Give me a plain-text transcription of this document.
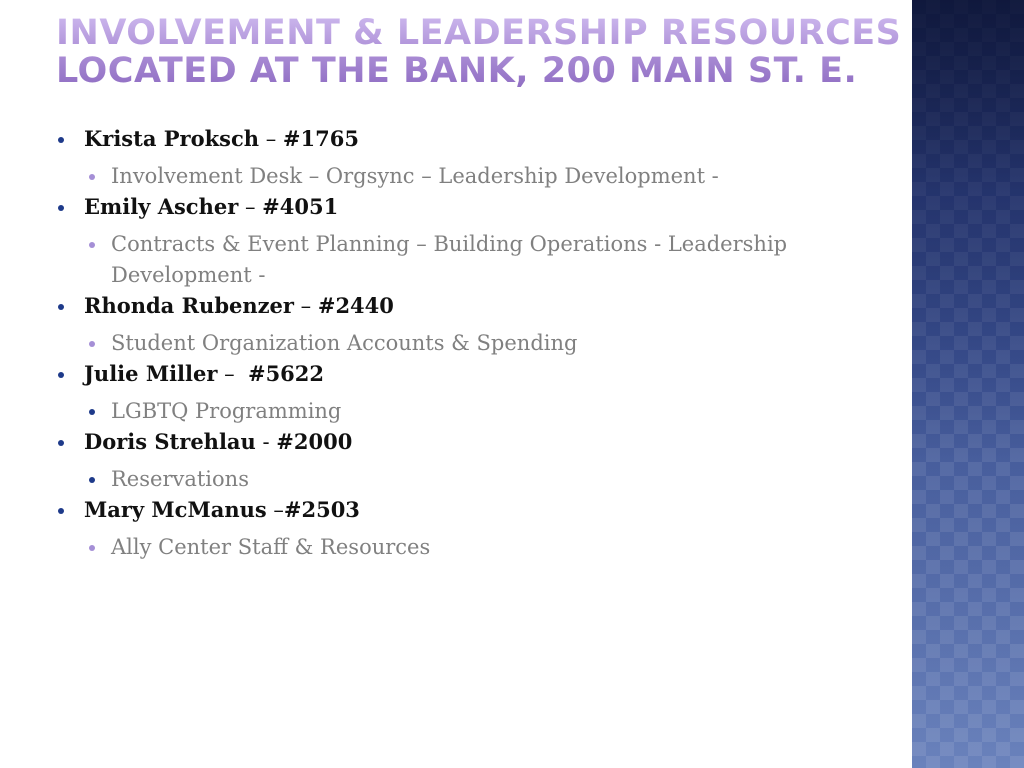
INVOLVEMENT & LEADERSHIP RESOURCES
LOCATED AT THE BANK, 200 MAIN ST. E.
Krista Proksch – #1765
Involvement Desk – Orgsync – Leadership Development -
Emily Ascher – #4051
Contracts & Event Planning – Building Operations - Leadership Development -
Rhonda Rubenzer – #2440
Student Organization Accounts & Spending
Julie Miller –  #5622
LGBTQ Programming
Doris Strehlau - #2000
Reservations
Mary McManus –#2503
Ally Center Staff & Resources
